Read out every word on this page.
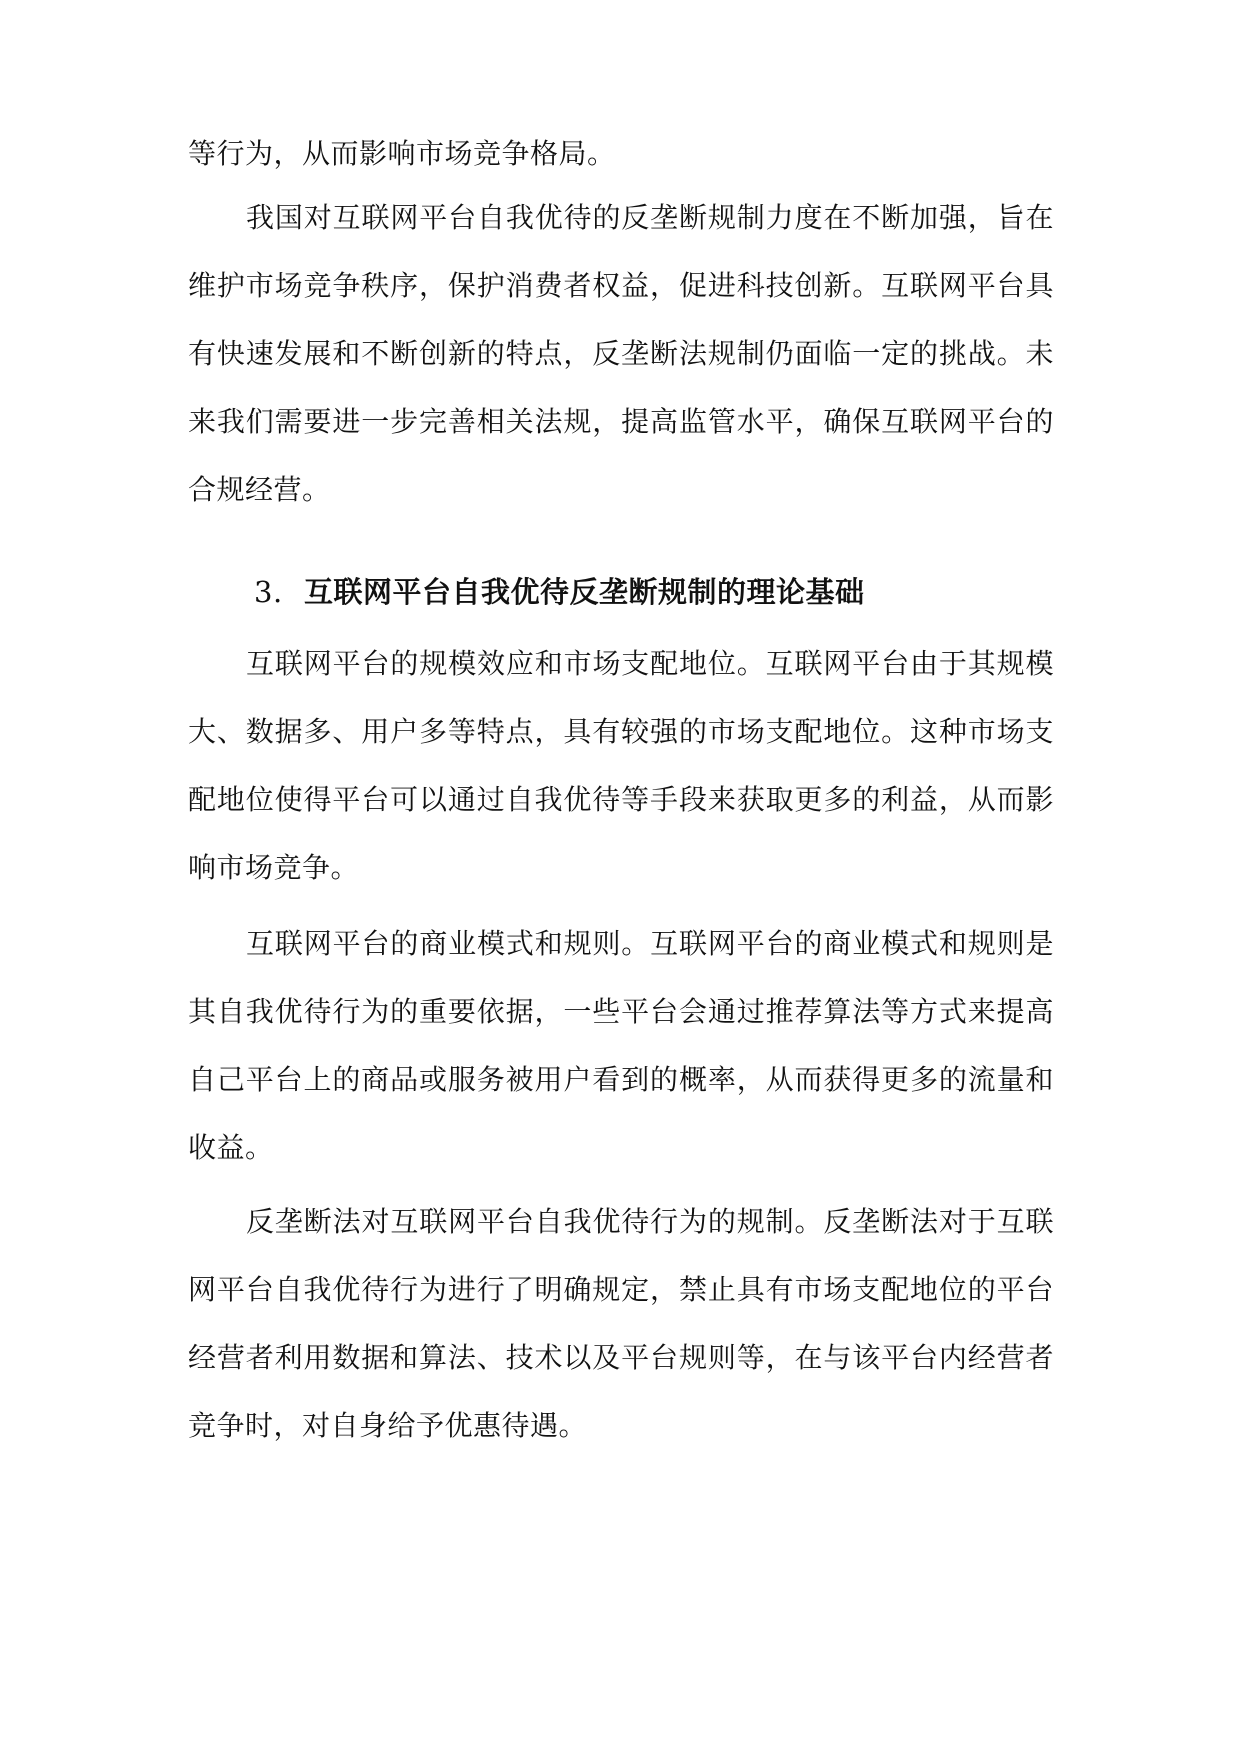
等行为，从而影响市场竞争格局。
我国对互联网平台自我优待的反垄断规制力度在不断加强，旨在
维护市场竞争秩序，保护消费者权益，促进科技创新。互联网平台具
有快速发展和不断创新的特点，反垄断法规制仍面临一定的挑战。未
来我们需要进一步完善相关法规，提高监管水平，确保互联网平台的
合规经营。
3. 互联网平台自我优待反垄断规制的理论基础
互联网平台的规模效应和市场支配地位。互联网平台由于其规模
大、数据多、用户多等特点，具有较强的市场支配地位。这种市场支
配地位使得平台可以通过自我优待等手段来获取更多的利益，从而影
响市场竞争。
互联网平台的商业模式和规则。互联网平台的商业模式和规则是
其自我优待行为的重要依据，一些平台会通过推荐算法等方式来提高
自己平台上的商品或服务被用户看到的概率，从而获得更多的流量和
收益。
反垄断法对互联网平台自我优待行为的规制。反垄断法对于互联
网平台自我优待行为进行了明确规定，禁止具有市场支配地位的平台
经营者利用数据和算法、技术以及平台规则等，在与该平台内经营者
竞争时，对自身给予优惠待遇。
